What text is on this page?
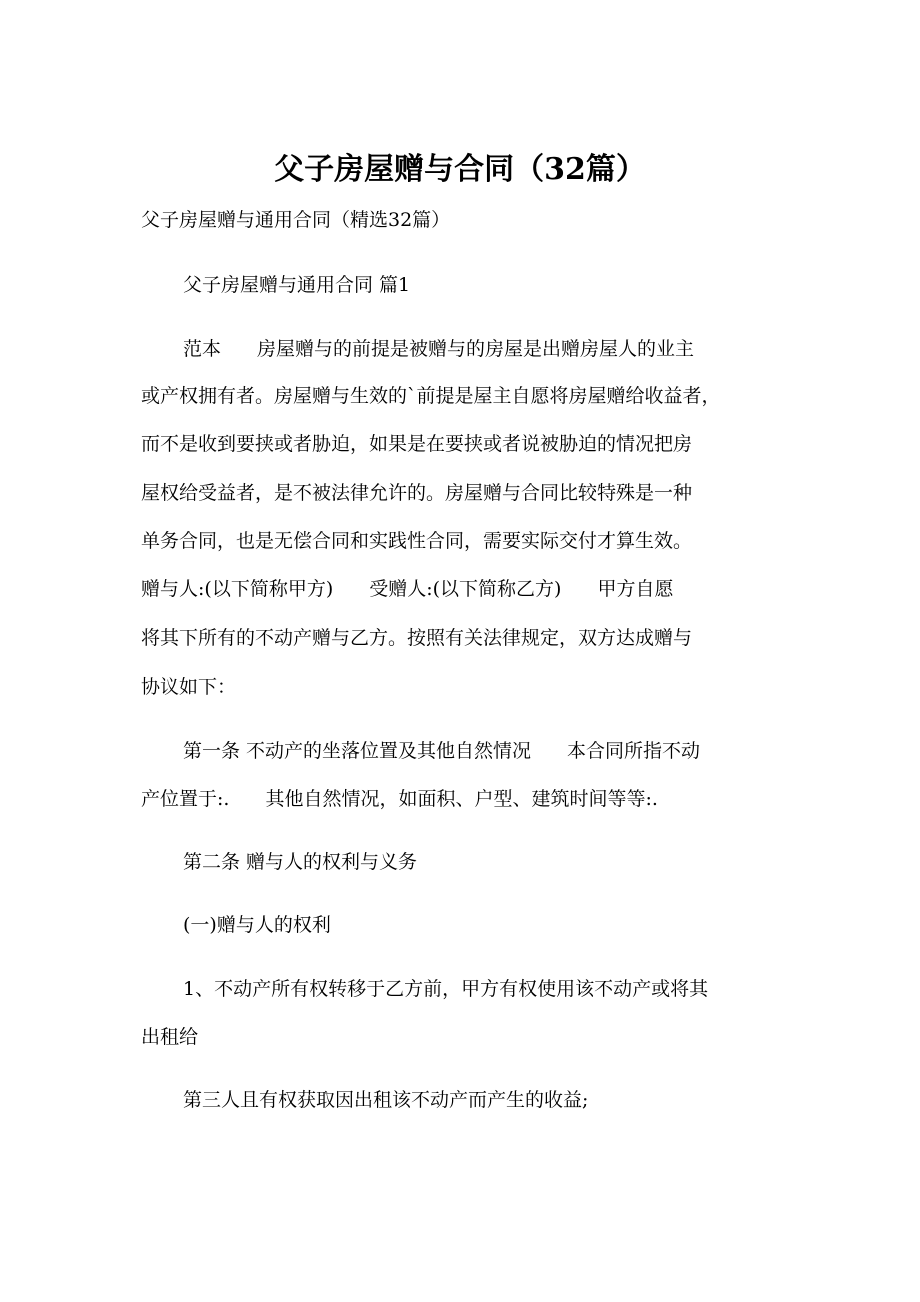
父子房屋赠与合同（32篇）
父子房屋赠与通用合同（精选32篇）
父子房屋赠与通用合同 篇1
范本 房屋赠与的前提是被赠与的房屋是出赠房屋人的业主
或产权拥有者。房屋赠与生效的`前提是屋主自愿将房屋赠给收益者，
而不是收到要挟或者胁迫，如果是在要挟或者说被胁迫的情况把房
屋权给受益者，是不被法律允许的。房屋赠与合同比较特殊是一种
单务合同，也是无偿合同和实践性合同，需要实际交付才算生效。
赠与人:(以下简称甲方) 受赠人:(以下简称乙方) 甲方自愿
将其下所有的不动产赠与乙方。按照有关法律规定，双方达成赠与
协议如下：
第一条 不动产的坐落位置及其他自然情况 本合同所指不动
产位置于:. 其他自然情况，如面积、户型、建筑时间等等:.
第二条 赠与人的权利与义务
(一)赠与人的权利
1、不动产所有权转移于乙方前，甲方有权使用该不动产或将其
出租给
第三人且有权获取因出租该不动产而产生的收益;
